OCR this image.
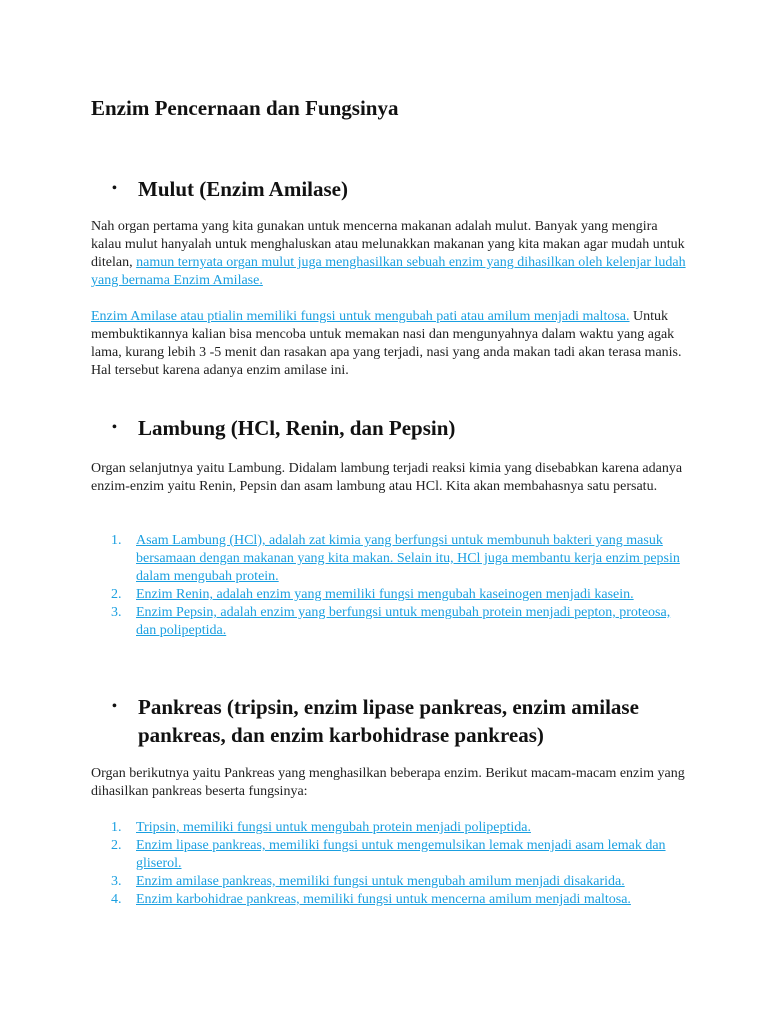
Enzim Pencernaan dan Fungsinya
• Mulut (Enzim Amilase)

Nah organ pertama yang kita gunakan untuk mencerna makanan adalah mulut. Banyak yang mengira kalau mulut hanyalah untuk menghaluskan atau melunakkan makanan yang kita makan agar mudah untuk ditelan, namun ternyata organ mulut juga menghasilkan sebuah enzim yang dihasilkan oleh kelenjar ludah yang bernama Enzim Amilase.

Enzim Amilase atau ptialin memiliki fungsi untuk mengubah pati atau amilum menjadi maltosa. Untuk membuktikannya kalian bisa mencoba untuk memakan nasi dan mengunyahnya dalam waktu yang agak lama, kurang lebih 3 -5 menit dan rasakan apa yang terjadi, nasi yang anda makan tadi akan terasa manis. Hal tersebut karena adanya enzim amilase ini.

• Lambung (HCl, Renin, dan Pepsin)

Organ selanjutnya yaitu Lambung. Didalam lambung terjadi reaksi kimia yang disebabkan karena adanya enzim-enzim yaitu Renin, Pepsin dan asam lambung atau HCl. Kita akan membahasnya satu persatu.

1. Asam Lambung (HCl), adalah zat kimia yang berfungsi untuk membunuh bakteri yang masuk bersamaan dengan makanan yang kita makan. Selain itu, HCl juga membantu kerja enzim pepsin dalam mengubah protein.
2. Enzim Renin, adalah enzim yang memiliki fungsi mengubah kaseinogen menjadi kasein.
3. Enzim Pepsin, adalah enzim yang berfungsi untuk mengubah protein menjadi pepton, proteosa, dan polipeptida.
• Pankreas (tripsin, enzim lipase pankreas, enzim amilase pankreas, dan enzim karbohidrase pankreas)

Organ berikutnya yaitu Pankreas yang menghasilkan beberapa enzim. Berikut macam-macam enzim yang dihasilkan pankreas beserta fungsinya:

1. Tripsin, memiliki fungsi untuk mengubah protein menjadi polipeptida.
2. Enzim lipase pankreas, memiliki fungsi untuk mengemulsikan lemak menjadi asam lemak dan gliserol.
3. Enzim amilase pankreas, memiliki fungsi untuk mengubah amilum menjadi disakarida.
4. Enzim karbohidrae pankreas, memiliki fungsi untuk mencerna amilum menjadi maltosa.
